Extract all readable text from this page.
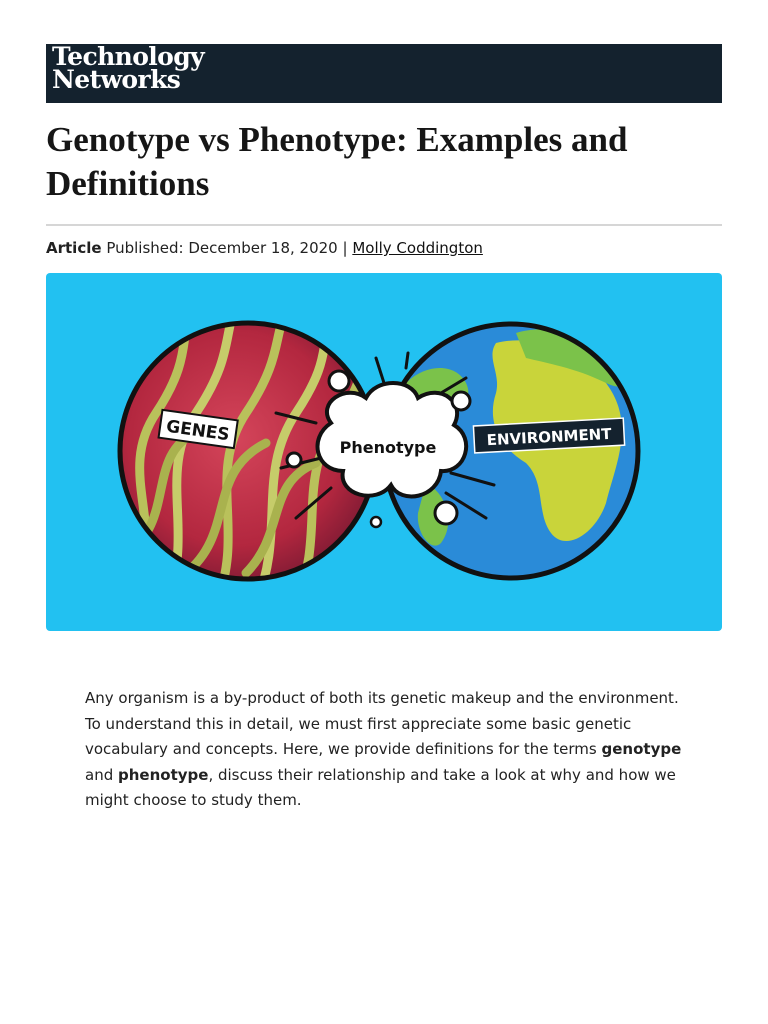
Technology
Networks
Genotype vs Phenotype: Examples and Definitions
Article Published: December 18, 2020 | Molly Coddington
GENES	ENVIRONMENT
Phenotype

Any organism is a by-product of both its genetic makeup and the environment. To understand this in detail, we must first appreciate some basic genetic vocabulary and concepts. Here, we provide definitions for the terms genotype and phenotype, discuss their relationship and take a look at why and how we might choose to study them.
